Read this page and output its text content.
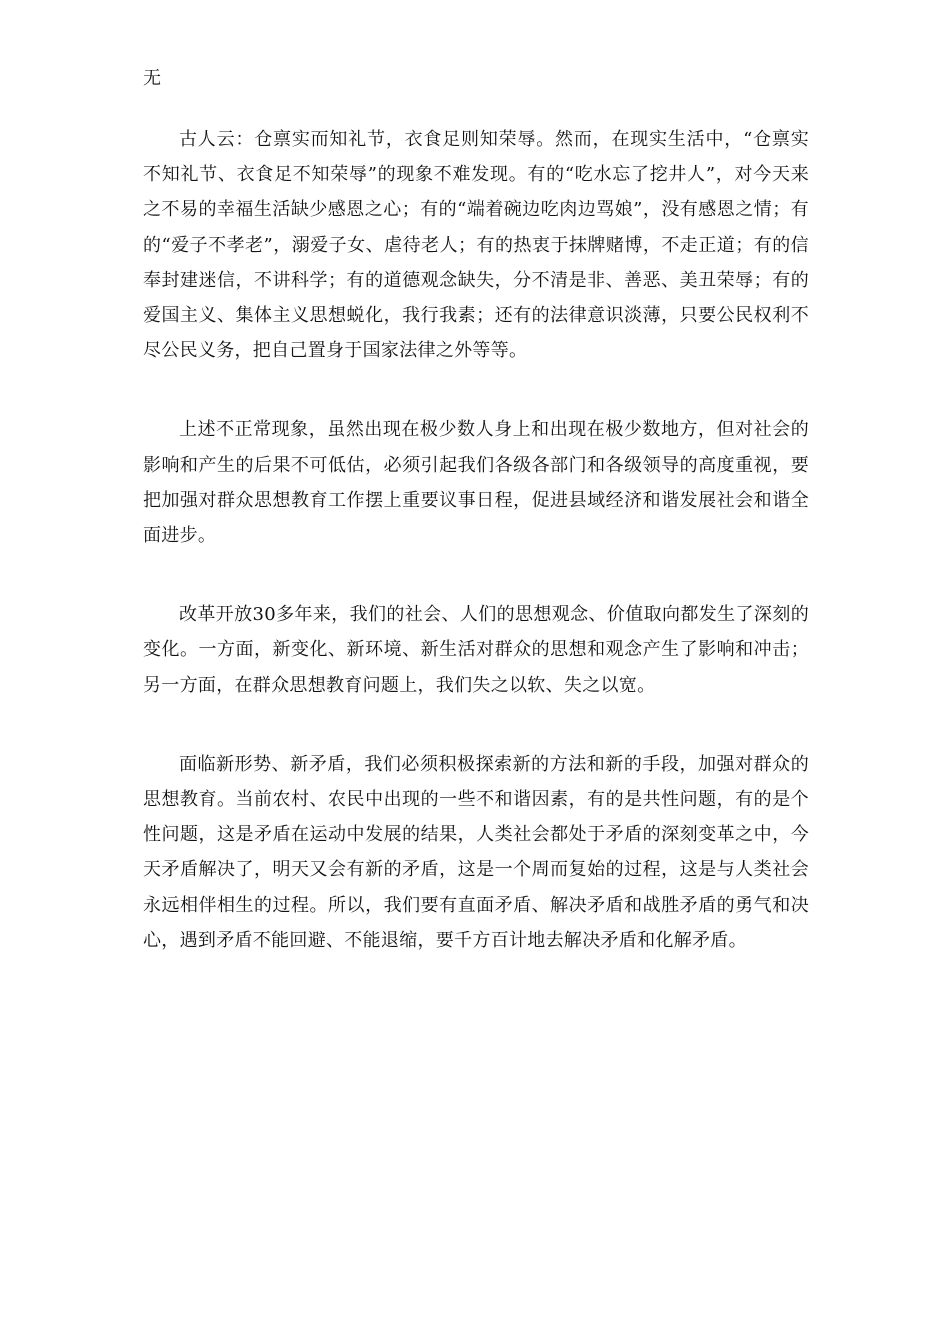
无

古人云：仓禀实而知礼节，衣食足则知荣辱。然而，在现实生活中，“仓禀实不知礼节、衣食足不知荣辱”的现象不难发现。有的“吃水忘了挖井人”，对今天来之不易的幸福生活缺少感恩之心；有的“端着碗边吃肉边骂娘”，没有感恩之情；有的“爱子不孝老”，溺爱子女、虐待老人；有的热衷于抹牌赌博，不走正道；有的信奉封建迷信，不讲科学；有的道德观念缺失，分不清是非、善恶、美丑荣辱；有的爱国主义、集体主义思想蜕化，我行我素；还有的法律意识淡薄，只要公民权利不尽公民义务，把自己置身于国家法律之外等等。

上述不正常现象，虽然出现在极少数人身上和出现在极少数地方，但对社会的影响和产生的后果不可低估，必须引起我们各级各部门和各级领导的高度重视，要把加强对群众思想教育工作摆上重要议事日程，促进县域经济和谐发展社会和谐全面进步。

改革开放30多年来，我们的社会、人们的思想观念、价值取向都发生了深刻的变化。一方面，新变化、新环境、新生活对群众的思想和观念产生了影响和冲击；另一方面，在群众思想教育问题上，我们失之以软、失之以宽。

面临新形势、新矛盾，我们必须积极探索新的方法和新的手段，加强对群众的思想教育。当前农村、农民中出现的一些不和谐因素，有的是共性问题，有的是个性问题，这是矛盾在运动中发展的结果，人类社会都处于矛盾的深刻变革之中，今天矛盾解决了，明天又会有新的矛盾，这是一个周而复始的过程，这是与人类社会永远相伴相生的过程。所以，我们要有直面矛盾、解决矛盾和战胜矛盾的勇气和决心，遇到矛盾不能回避、不能退缩，要千方百计地去解决矛盾和化解矛盾。
